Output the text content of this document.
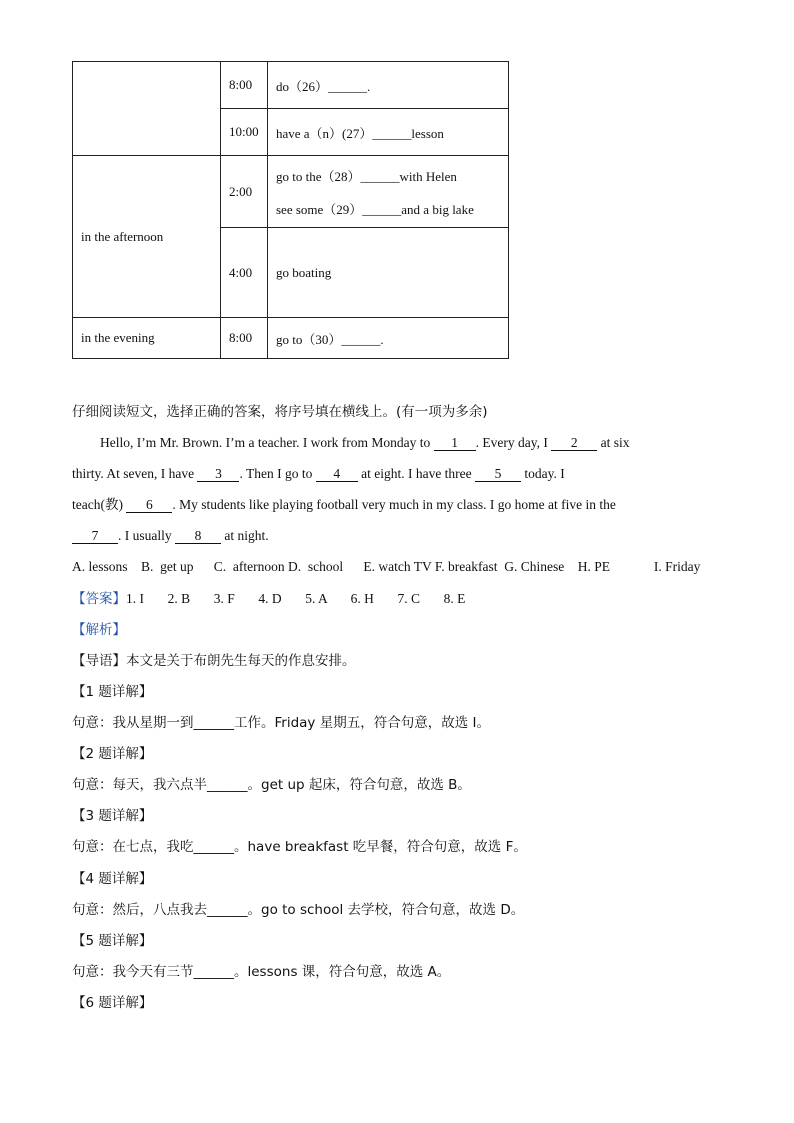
	8:00	do（26）______.
	10:00	have a（n）(27）______lesson
in the afternoon	2:00	go to the（28）______with Helen
see some（29）______and a big lake

	4:00	go boating
in the evening	8:00	go to（30）______.
仔细阅读短文，选择正确的答案，将序号填在横线上。(有一项为多余)
Hello, I’m Mr. Brown. I’m a teacher. I work from Monday to 1 . Every day, I 2 at six
thirty. At seven, I have 3 . Then I go to 4 at eight. I have three 5 today. I
teach(教) 6 . My students like playing football very much in my class. I go home at five in the
7 . I usually 8 at night.
A. lessons    B.  get up      C.  afternoon D.  school      E. watch TV F. breakfast  G. Chinese    H. PE             I. Friday
【答案】1. I       2. B       3. F       4. D       5. A       6. H       7. C       8. E
【解析】
【导语】本文是关于布朗先生每天的作息安排。
【1 题详解】
句意：我从星期一到______工作。Friday 星期五，符合句意，故选 I。
【2 题详解】
句意：每天，我六点半______。get up 起床，符合句意，故选 B。
【3 题详解】
句意：在七点，我吃______。have breakfast 吃早餐，符合句意，故选 F。
【4 题详解】
句意：然后，八点我去______。go to school 去学校，符合句意，故选 D。
【5 题详解】
句意：我今天有三节______。lessons 课，符合句意，故选 A。
【6 题详解】
